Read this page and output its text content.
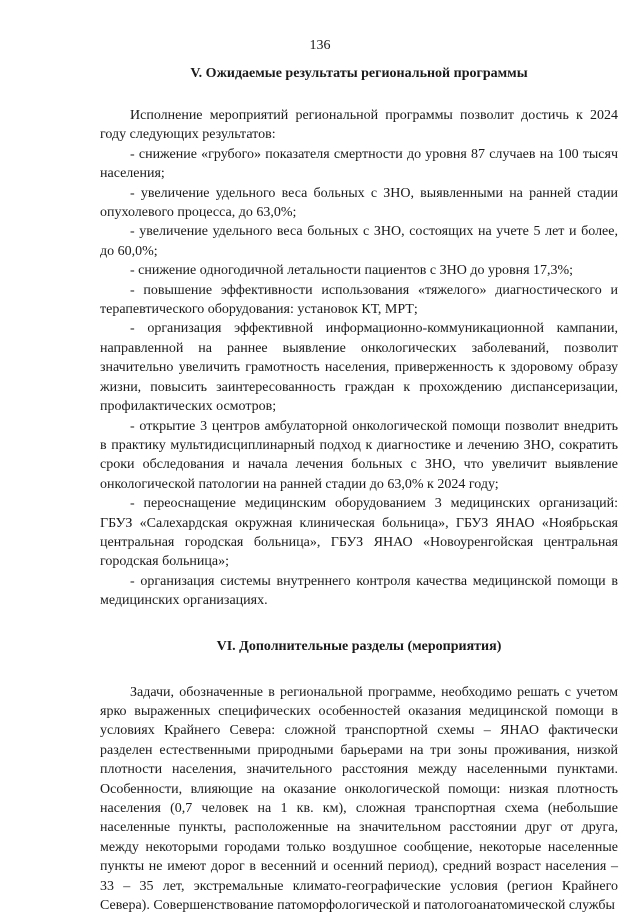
136
V. Ожидаемые результаты региональной программы

Исполнение мероприятий региональной программы позволит достичь к 2024 году следующих результатов:

- снижение «грубого» показателя смертности до уровня 87 случаев на 100 тысяч населения;

- увеличение удельного веса больных с ЗНО, выявленными на ранней стадии опухолевого процесса, до 63,0%;

- увеличение удельного веса больных с ЗНО, состоящих на учете 5 лет и более, до 60,0%;

- снижение одногодичной летальности пациентов с ЗНО до уровня 17,3%;

- повышение эффективности использования «тяжелого» диагностического и терапевтического оборудования: установок КТ, МРТ;

- организация эффективной информационно-коммуникационной кампании, направленной на раннее выявление онкологических заболеваний, позволит значительно увеличить грамотность населения, приверженность к здоровому образу жизни, повысить заинтересованность граждан к прохождению диспансеризации, профилактических осмотров;

- открытие 3 центров амбулаторной онкологической помощи позволит внедрить в практику мультидисциплинарный подход к диагностике и лечению ЗНО, сократить сроки обследования и начала лечения больных с ЗНО, что увеличит выявление онкологической патологии на ранней стадии до 63,0% к 2024 году;

- переоснащение медицинским оборудованием 3 медицинских организаций: ГБУЗ «Салехардская окружная клиническая больница», ГБУЗ ЯНАО «Ноябрьская центральная городская больница», ГБУЗ ЯНАО «Новоуренгойская центральная городская больница»;

- организация системы внутреннего контроля качества медицинской помощи в медицинских организациях.

VI. Дополнительные разделы (мероприятия)

Задачи, обозначенные в региональной программе, необходимо решать с учетом ярко выраженных специфических особенностей оказания медицинской помощи в условиях Крайнего Севера: сложной транспортной схемы – ЯНАО фактически разделен естественными природными барьерами на три зоны проживания, низкой плотности населения, значительного расстояния между населенными пунктами. Особенности, влияющие на оказание онкологической помощи: низкая плотность населения (0,7 человек на 1 кв. км), сложная транспортная схема (небольшие населенные пункты, расположенные на значительном расстоянии друг от друга, между некоторыми городами только воздушное сообщение, некоторые населенные пункты не имеют дорог в весенний и осенний период), средний возраст населения – 33 – 35 лет, экстремальные климато-географические условия (регион Крайнего Севера). Совершенствование патоморфологической и патологоанатомической службы
